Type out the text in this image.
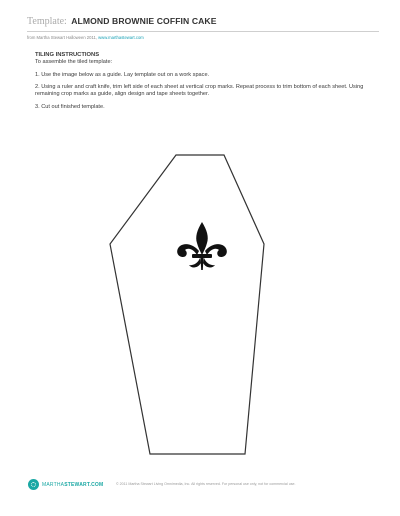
Template: ALMOND BROWNIE COFFIN CAKE
from Martha Stewart Halloween 2011, www.marthastewart.com

TILING INSTRUCTIONS

To assemble the tiled template:

1. Use the image below as a guide. Lay template out on a work space.

2. Using a ruler and craft knife, trim left side of each sheet at vertical crop marks. Repeat process to trim bottom of each sheet. Using remaining crop marks as guide, align design and tape sheets together.

3. Cut out finished template.

MARTHASTEWART.COM	© 2011 Martha Stewart Living Omnimedia, Inc. All rights reserved. For personal use only, not for commercial use.
